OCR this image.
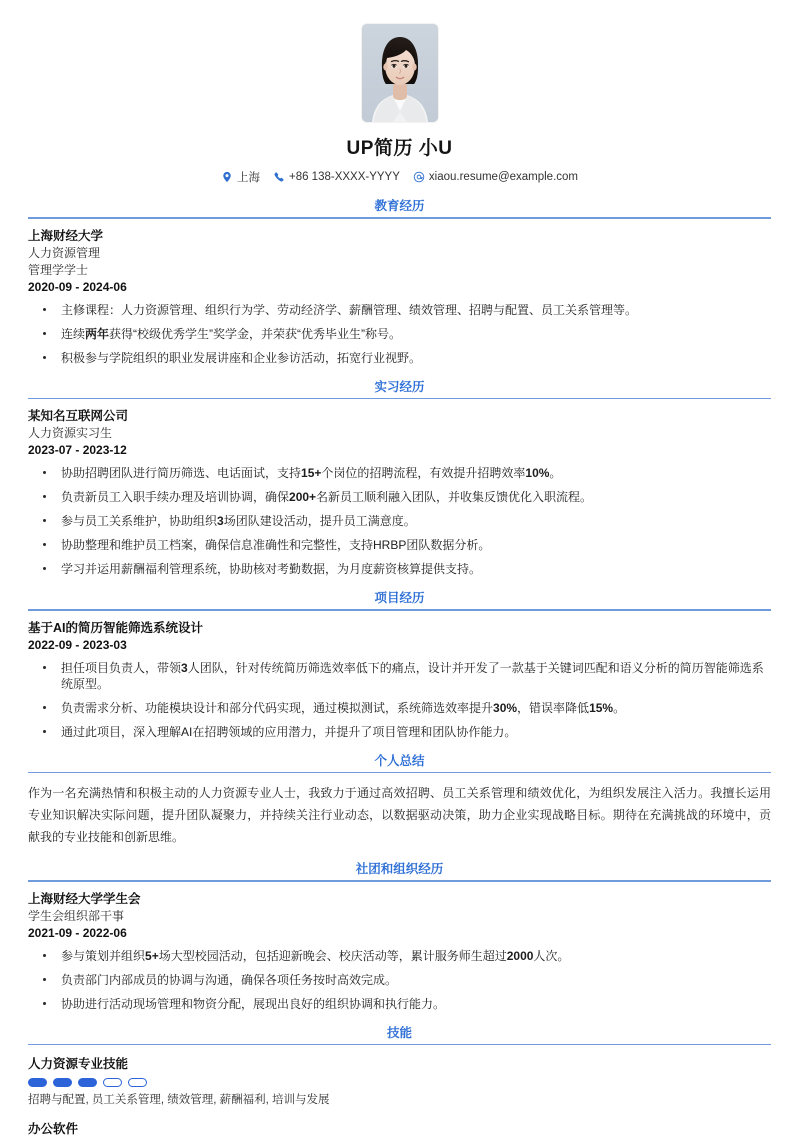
UP简历 小U
上海	+86 138-XXXX-YYYY	xiaou.resume@example.com
教育经历
上海财经大学
人力资源管理
管理学学士
2020-09 - 2024-06
主修课程：人力资源管理、组织行为学、劳动经济学、薪酬管理、绩效管理、招聘与配置、员工关系管理等。
连续两年获得“校级优秀学生”奖学金，并荣获“优秀毕业生”称号。
积极参与学院组织的职业发展讲座和企业参访活动，拓宽行业视野。
实习经历
某知名互联网公司
人力资源实习生
2023-07 - 2023-12
协助招聘团队进行简历筛选、电话面试，支持15+个岗位的招聘流程，有效提升招聘效率10%。
负责新员工入职手续办理及培训协调，确保200+名新员工顺利融入团队，并收集反馈优化入职流程。
参与员工关系维护，协助组织3场团队建设活动，提升员工满意度。
协助整理和维护员工档案，确保信息准确性和完整性，支持HRBP团队数据分析。
学习并运用薪酬福利管理系统，协助核对考勤数据，为月度薪资核算提供支持。
项目经历
基于AI的简历智能筛选系统设计
2022-09 - 2023-03
担任项目负责人，带领3人团队，针对传统简历筛选效率低下的痛点，设计并开发了一款基于关键词匹配和语义分析的简历智能筛选系统原型。
负责需求分析、功能模块设计和部分代码实现，通过模拟测试，系统筛选效率提升30%，错误率降低15%。
通过此项目，深入理解AI在招聘领域的应用潜力，并提升了项目管理和团队协作能力。
个人总结
作为一名充满热情和积极主动的人力资源专业人士，我致力于通过高效招聘、员工关系管理和绩效优化，为组织发展注入活力。我擅长运用专业知识解决实际问题，提升团队凝聚力，并持续关注行业动态，以数据驱动决策，助力企业实现战略目标。期待在充满挑战的环境中，贡献我的专业技能和创新思维。
社团和组织经历
上海财经大学学生会
学生会组织部干事
2021-09 - 2022-06
参与策划并组织5+场大型校园活动，包括迎新晚会、校庆活动等，累计服务师生超过2000人次。
负责部门内部成员的协调与沟通，确保各项任务按时高效完成。
协助进行活动现场管理和物资分配，展现出良好的组织协调和执行能力。
技能
人力资源专业技能
招聘与配置, 员工关系管理, 绩效管理, 薪酬福利, 培训与发展
办公软件
